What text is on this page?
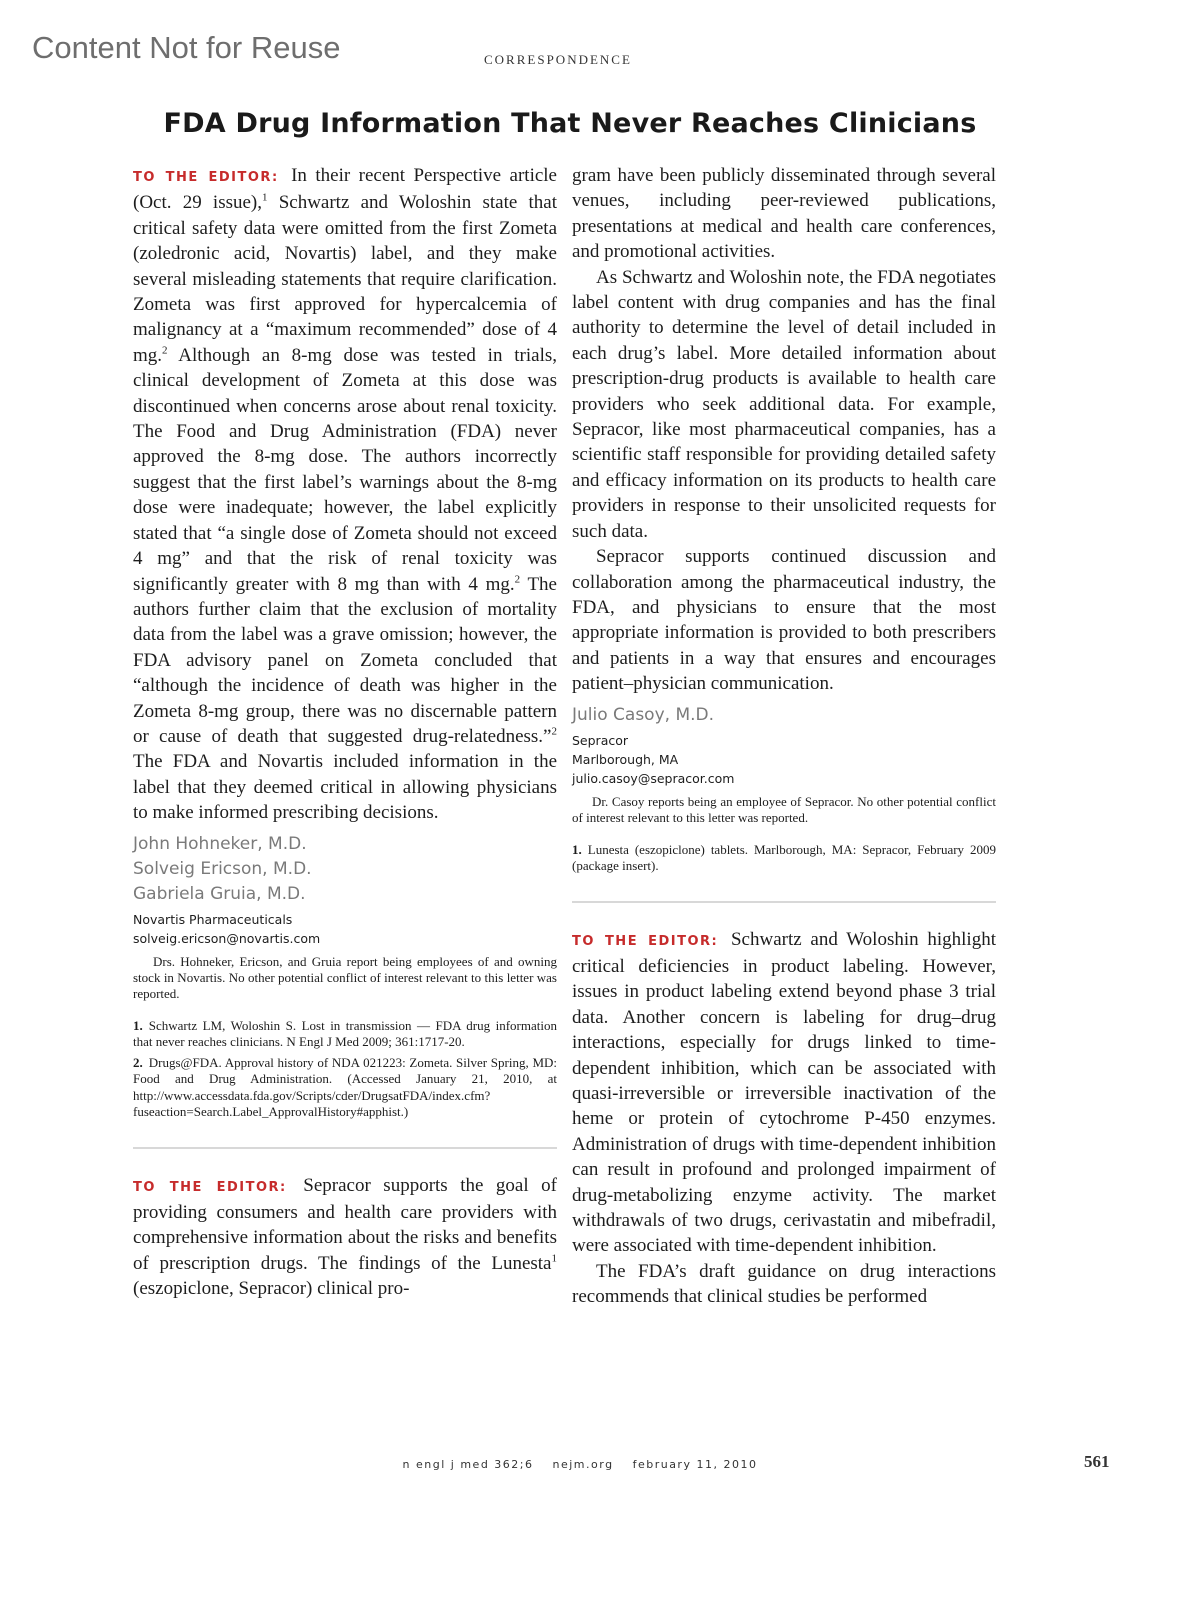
Content Not for Reuse	CORRESPONDENCE
FDA Drug Information That Never Reaches Clinicians

TO THE EDITOR: In their recent Perspective article (Oct. 29 issue),$^1$ Schwartz and Woloshin state that critical safety data were omitted from the first Zometa (zoledronic acid, Novartis) label, and they make several misleading statements that require clarification. Zometa was first approved for hypercalcemia of malignancy at a “maximum recommended” dose of 4 mg.$^2$ Although an 8-mg dose was tested in trials, clinical development of Zometa at this dose was discontinued when concerns arose about renal toxicity. The Food and Drug Administration (FDA) never approved the 8-mg dose. The authors incorrectly suggest that the first label’s warnings about the 8-mg dose were inadequate; however, the label explicitly stated that “a single dose of Zometa should not exceed 4 mg” and that the risk of renal toxicity was significantly greater with 8 mg than with 4 mg.$^2$ The authors further claim that the exclusion of mortality data from the label was a grave omission; however, the FDA advisory panel on Zometa concluded that “although the incidence of death was higher in the Zometa 8-mg group, there was no discernable pattern or cause of death that suggested drug-relatedness.”$^2$ The FDA and Novartis included information in the label that they deemed critical in allowing physicians to make informed prescribing decisions.

John Hohneker, M.D.

Solveig Ericson, M.D.

Gabriela Gruia, M.D.

Novartis Pharmaceuticals

solveig.ericson@novartis.com

Drs. Hohneker, Ericson, and Gruia report being employees of and owning stock in Novartis. No other potential conflict of interest relevant to this letter was reported.

1. Schwartz LM, Woloshin S. Lost in transmission — FDA drug information that never reaches clinicians. N Engl J Med 2009; 361:1717-20.

2. Drugs@FDA. Approval history of NDA 021223: Zometa. Silver Spring, MD: Food and Drug Administration. (Accessed January 21, 2010, at http://www.accessdata.fda.gov/Scripts/cder/DrugsatFDA/index.cfm?fuseaction=Search.Label_ApprovalHistory#apphist.)

TO THE EDITOR: Sepracor supports the goal of providing consumers and health care providers with comprehensive information about the risks and benefits of prescription drugs. The findings of the Lunesta$^1$ (eszopiclone, Sepracor) clinical pro-

gram have been publicly disseminated through several venues, including peer-reviewed publications, presentations at medical and health care conferences, and promotional activities.

As Schwartz and Woloshin note, the FDA negotiates label content with drug companies and has the final authority to determine the level of detail included in each drug’s label. More detailed information about prescription-drug products is available to health care providers who seek additional data. For example, Sepracor, like most pharmaceutical companies, has a scientific staff responsible for providing detailed safety and efficacy information on its products to health care providers in response to their unsolicited requests for such data.

Sepracor supports continued discussion and collaboration among the pharmaceutical industry, the FDA, and physicians to ensure that the most appropriate information is provided to both prescribers and patients in a way that ensures and encourages patient–physician communication.

Julio Casoy, M.D.

Sepracor

Marlborough, MA

julio.casoy@sepracor.com

Dr. Casoy reports being an employee of Sepracor. No other potential conflict of interest relevant to this letter was reported.

1. Lunesta (eszopiclone) tablets. Marlborough, MA: Sepracor, February 2009 (package insert).

TO THE EDITOR: Schwartz and Woloshin highlight critical deficiencies in product labeling. However, issues in product labeling extend beyond phase 3 trial data. Another concern is labeling for drug–drug interactions, especially for drugs linked to time-dependent inhibition, which can be associated with quasi-irreversible or irreversible inactivation of the heme or protein of cytochrome P-450 enzymes. Administration of drugs with time-dependent inhibition can result in profound and prolonged impairment of drug-metabolizing enzyme activity. The market withdrawals of two drugs, cerivastatin and mibefradil, were associated with time-dependent inhibition.

The FDA’s draft guidance on drug interactions recommends that clinical studies be performed

n engl j med 362;6 nejm.org february 11, 2010	561
